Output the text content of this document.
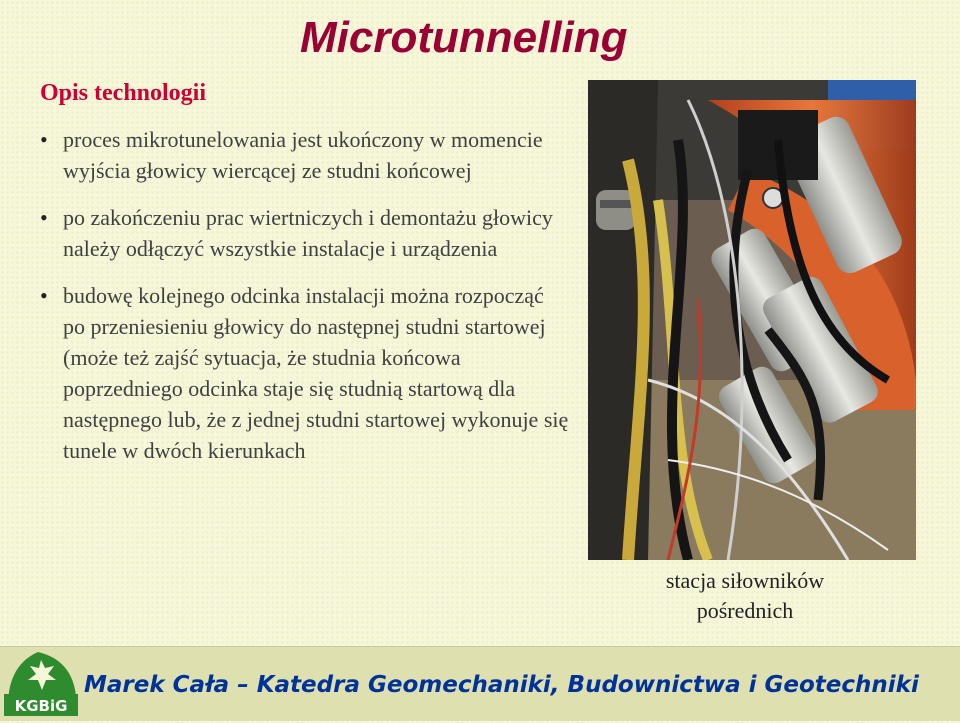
Microtunnelling
Opis technologii
• proces mikrotunelowania jest ukończony w momencie wyjścia głowicy wiercącej ze studni końcowej
• po zakończeniu prac wiertniczych i demontażu głowicy należy odłączyć wszystkie instalacje i urządzenia
• budowę kolejnego odcinka instalacji można rozpocząć po przeniesieniu głowicy do następnej studni startowej (może też zajść sytuacja, że studnia końcowa poprzedniego odcinka staje się studnią startową dla następnego lub, że z jednej studni startowej wykonuje się tunele w dwóch kierunkach

stacja siłowników
pośrednich

KGBiG

Marek Cała – Katedra Geomechaniki, Budownictwa i Geotechniki
